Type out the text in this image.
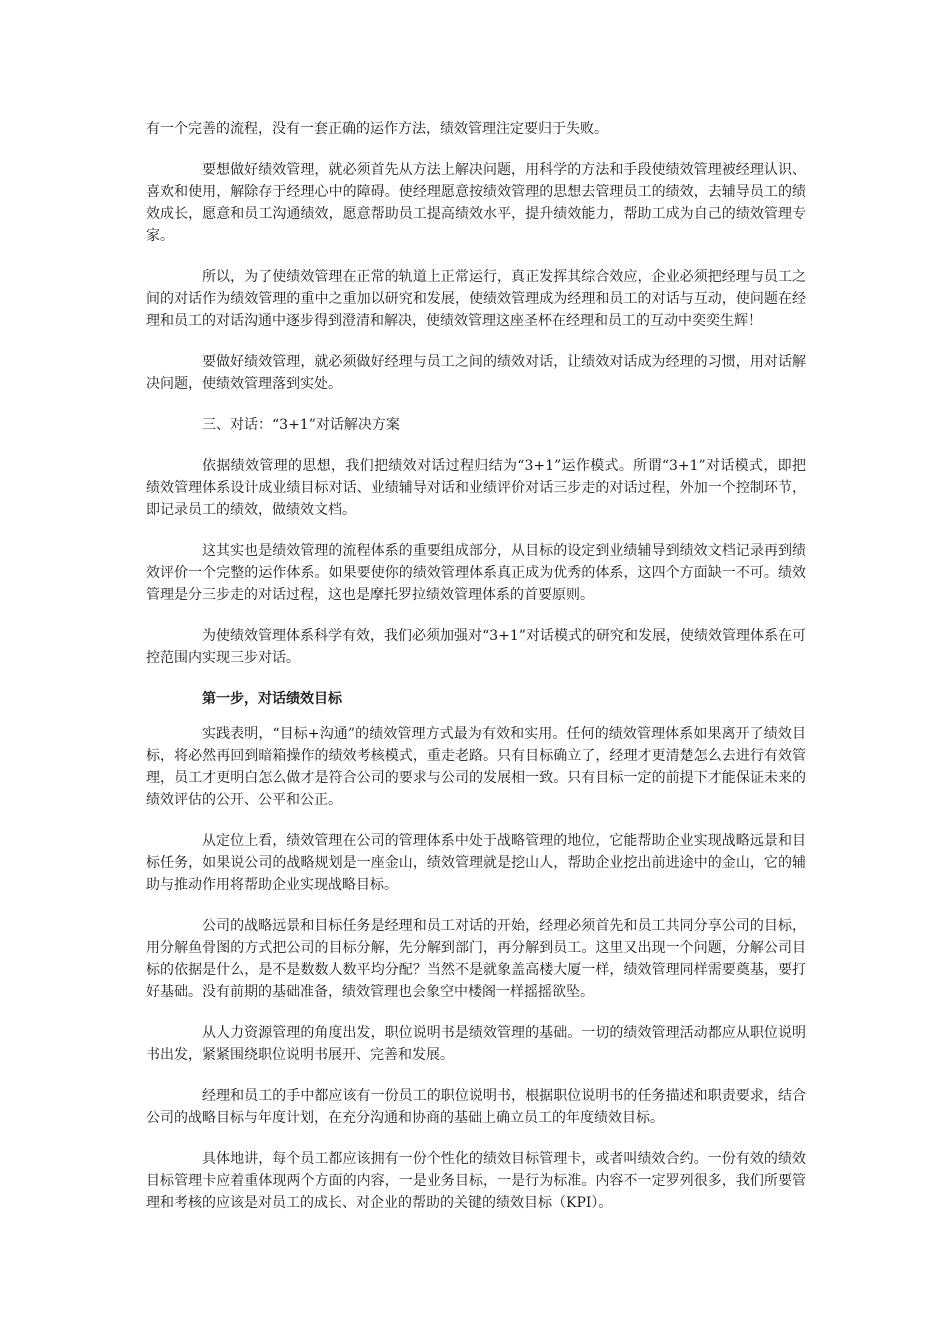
有一个完善的流程，没有一套正确的运作方法，绩效管理注定要归于失败。

要想做好绩效管理，就必须首先从方法上解决问题，用科学的方法和手段使绩效管理被经理认识、喜欢和使用，解除存于经理心中的障碍。使经理愿意按绩效管理的思想去管理员工的绩效，去辅导员工的绩效成长，愿意和员工沟通绩效，愿意帮助员工提高绩效水平，提升绩效能力，帮助工成为自己的绩效管理专家。

所以，为了使绩效管理在正常的轨道上正常运行，真正发挥其综合效应，企业必须把经理与员工之间的对话作为绩效管理的重中之重加以研究和发展，使绩效管理成为经理和员工的对话与互动，使问题在经理和员工的对话沟通中逐步得到澄清和解决，使绩效管理这座圣杯在经理和员工的互动中奕奕生辉！

要做好绩效管理，就必须做好经理与员工之间的绩效对话，让绩效对话成为经理的习惯，用对话解决问题，使绩效管理落到实处。

三、对话：“3+1”对话解决方案

依据绩效管理的思想，我们把绩效对话过程归结为“3+1”运作模式。所谓“3+1”对话模式，即把绩效管理体系设计成业绩目标对话、业绩辅导对话和业绩评价对话三步走的对话过程，外加一个控制环节，即记录员工的绩效，做绩效文档。

这其实也是绩效管理的流程体系的重要组成部分，从目标的设定到业绩辅导到绩效文档记录再到绩效评价一个完整的运作体系。如果要使你的绩效管理体系真正成为优秀的体系，这四个方面缺一不可。绩效管理是分三步走的对话过程，这也是摩托罗拉绩效管理体系的首要原则。

为使绩效管理体系科学有效，我们必须加强对“3+1”对话模式的研究和发展，使绩效管理体系在可控范围内实现三步对话。

第一步，对话绩效目标

实践表明，“目标+沟通”的绩效管理方式最为有效和实用。任何的绩效管理体系如果离开了绩效目标，将必然再回到暗箱操作的绩效考核模式，重走老路。只有目标确立了，经理才更清楚怎么去进行有效管理，员工才更明白怎么做才是符合公司的要求与公司的发展相一致。只有目标一定的前提下才能保证未来的绩效评估的公开、公平和公正。

从定位上看，绩效管理在公司的管理体系中处于战略管理的地位，它能帮助企业实现战略远景和目标任务，如果说公司的战略规划是一座金山，绩效管理就是挖山人，帮助企业挖出前进途中的金山，它的辅助与推动作用将帮助企业实现战略目标。

公司的战略远景和目标任务是经理和员工对话的开始，经理必须首先和员工共同分享公司的目标，用分解鱼骨图的方式把公司的目标分解，先分解到部门，再分解到员工。这里又出现一个问题，分解公司目标的依据是什么，是不是数数人数平均分配？当然不是就象盖高楼大厦一样，绩效管理同样需要奠基，要打好基础。没有前期的基础准备，绩效管理也会象空中楼阁一样摇摇欲坠。

从人力资源管理的角度出发，职位说明书是绩效管理的基础。一切的绩效管理活动都应从职位说明书出发，紧紧围绕职位说明书展开、完善和发展。

经理和员工的手中都应该有一份员工的职位说明书，根据职位说明书的任务描述和职责要求，结合公司的战略目标与年度计划，在充分沟通和协商的基础上确立员工的年度绩效目标。

具体地讲，每个员工都应该拥有一份个性化的绩效目标管理卡，或者叫绩效合约。一份有效的绩效目标管理卡应着重体现两个方面的内容，一是业务目标，一是行为标准。内容不一定罗列很多，我们所要管理和考核的应该是对员工的成长、对企业的帮助的关键的绩效目标（KPI）。
